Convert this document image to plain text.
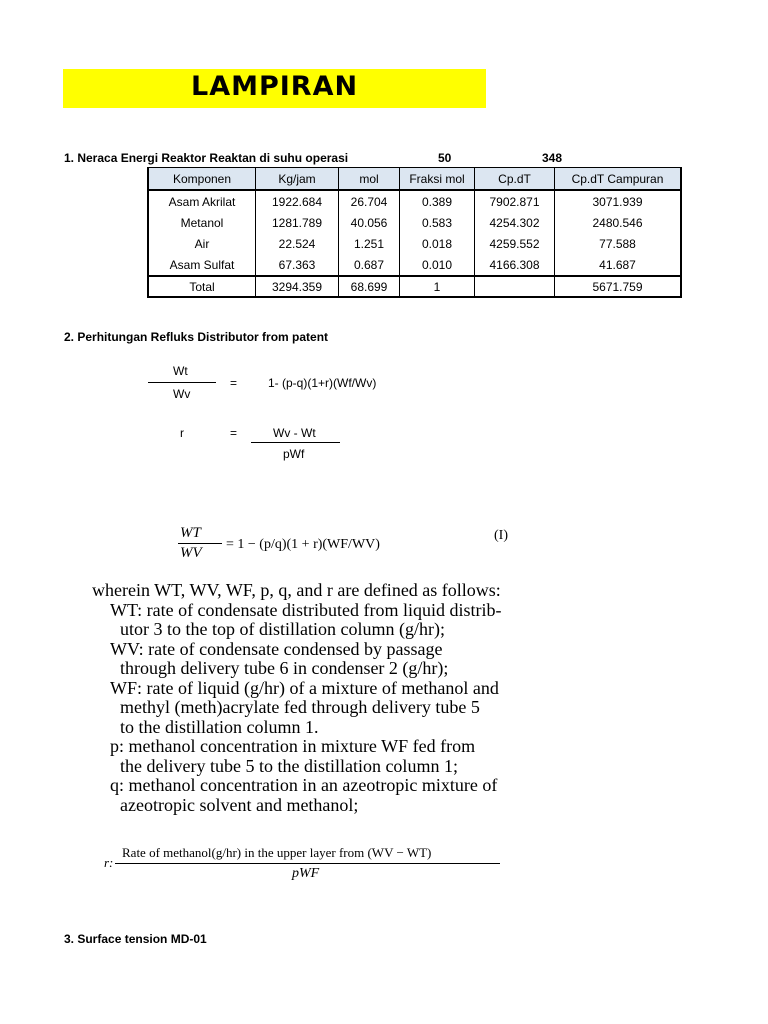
LAMPIRAN
1. Neraca Energi Reaktor Reaktan di suhu operasi	50	348
Komponen	Kg/jam	mol	Fraksi mol	Cp.dT	Cp.dT Campuran
Asam Akrilat	1922.684	26.704	0.389	7902.871	3071.939
Metanol	1281.789	40.056	0.583	4254.302	2480.546
Air	22.524	1.251	0.018	4259.552	77.588
Asam Sulfat	67.363	0.687	0.010	4166.308	41.687
Total	3294.359	68.699	1		5671.759
2. Perhitungan Refluks Distributor from patent
Wt
Wv
=	1- (p-q)(1+r)(Wf/Wv)
r	=	Wv - Wt
pWf
WT
WV
= 1 − (p/q)(1 + r)(WF/WV)
(I)
wherein WT, WV, WF, p, q, and r are defined as follows:
WT: rate of condensate distributed from liquid distrib-
utor 3 to the top of distillation column (g/hr);
WV: rate of condensate condensed by passage
through delivery tube 6 in condenser 2 (g/hr);
WF: rate of liquid (g/hr) of a mixture of methanol and
methyl (meth)acrylate fed through delivery tube 5
to the distillation column 1.
p: methanol concentration in mixture WF fed from
the delivery tube 5 to the distillation column 1;
q: methanol concentration in an azeotropic mixture of
azeotropic solvent and methanol;
r:
Rate of methanol(g/hr) in the upper layer from (WV − WT)
pWF
3. Surface tension MD-01
